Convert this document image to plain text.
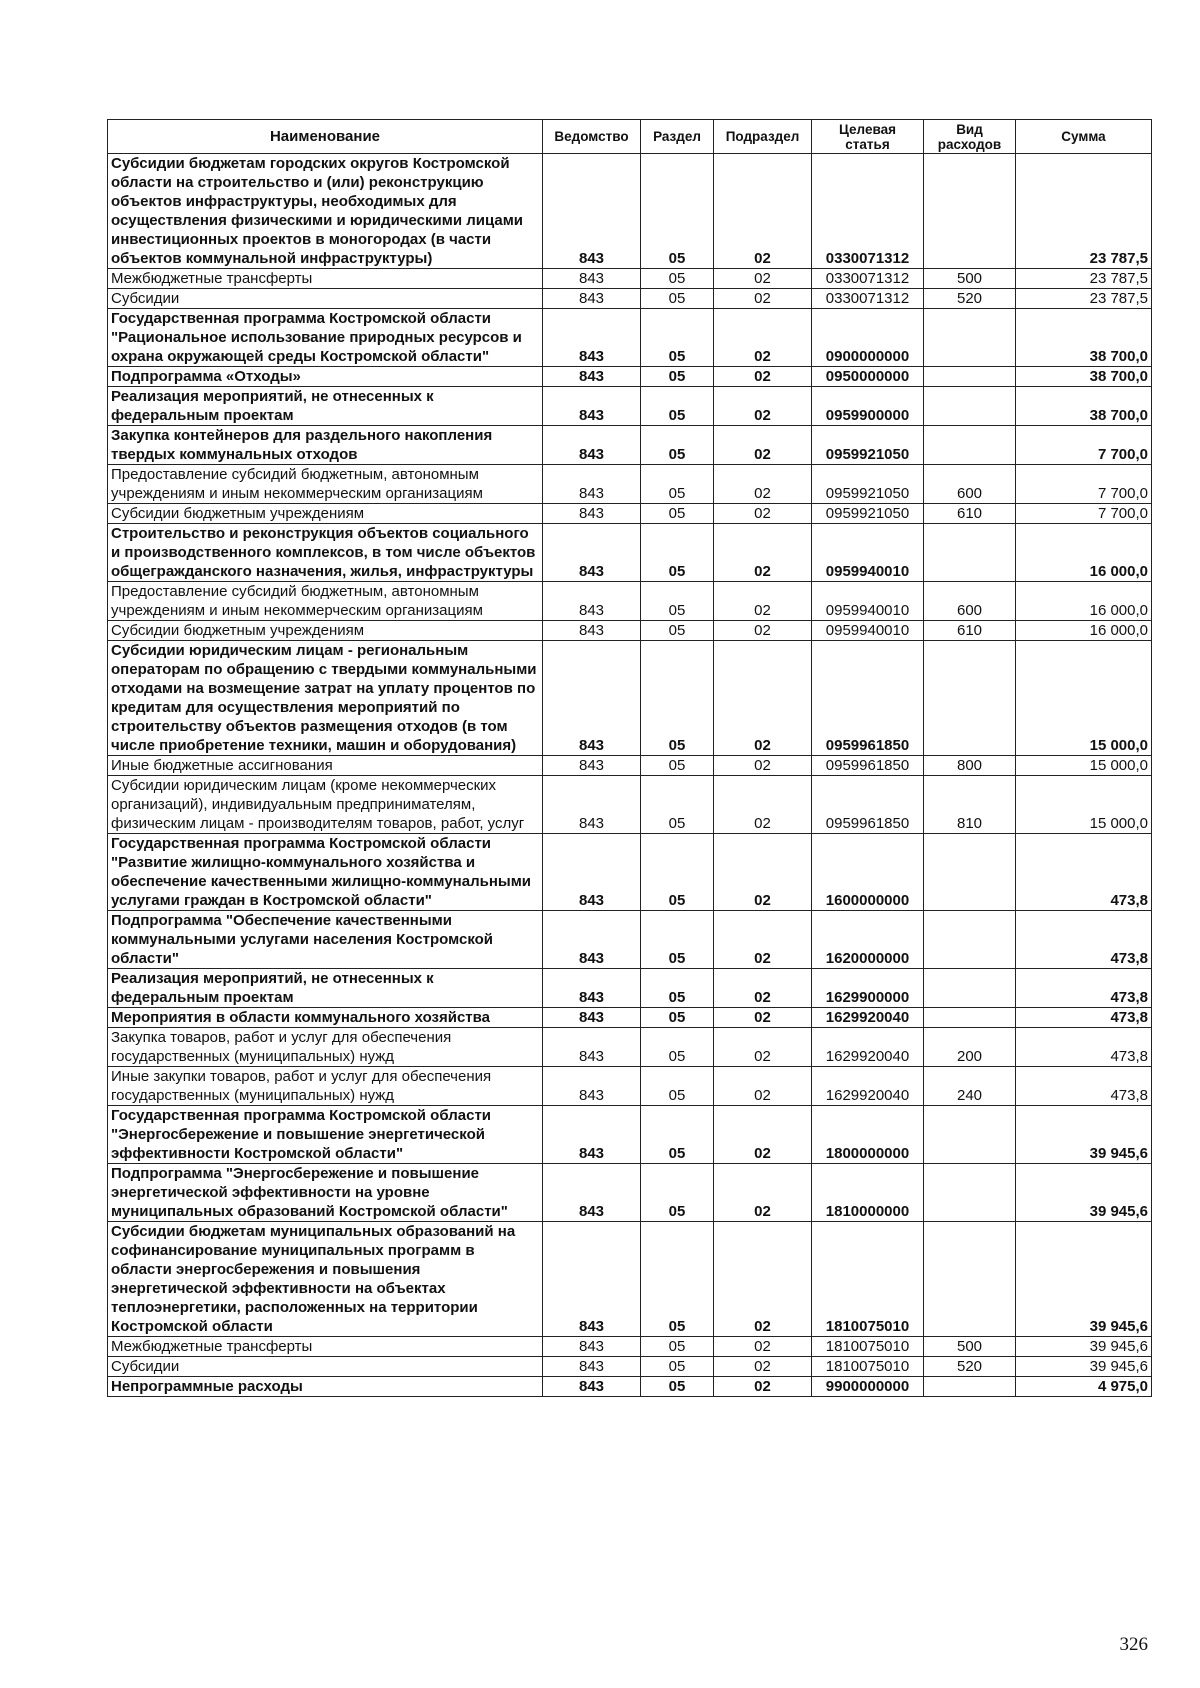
Наименование	Ведомство	Раздел	Подраздел	Целевая статья	Вид расходов	Сумма
Субсидии бюджетам городских округов Костромской области на строительство и (или) реконструкцию объектов инфраструктуры, необходимых для осуществления физическими и юридическими лицами инвестиционных проектов в моногородах (в части объектов коммунальной инфраструктуры)	843	05	02	0330071312		23 787,5
Межбюджетные трансферты	843	05	02	0330071312	500	23 787,5
Субсидии	843	05	02	0330071312	520	23 787,5
Государственная программа Костромской области "Рациональное использование природных ресурсов и охрана окружающей среды Костромской области"	843	05	02	0900000000		38 700,0
Подпрограмма «Отходы»	843	05	02	0950000000		38 700,0
Реализация мероприятий, не отнесенных к федеральным проектам	843	05	02	0959900000		38 700,0
Закупка контейнеров для раздельного накопления твердых коммунальных отходов	843	05	02	0959921050		7 700,0
Предоставление субсидий бюджетным, автономным учреждениям и иным некоммерческим организациям	843	05	02	0959921050	600	7 700,0
Субсидии бюджетным учреждениям	843	05	02	0959921050	610	7 700,0
Строительство и реконструкция объектов социального и производственного комплексов, в том числе объектов общегражданского назначения, жилья, инфраструктуры	843	05	02	0959940010		16 000,0
Предоставление субсидий бюджетным, автономным учреждениям и иным некоммерческим организациям	843	05	02	0959940010	600	16 000,0
Субсидии бюджетным учреждениям	843	05	02	0959940010	610	16 000,0
Субсидии юридическим лицам - региональным операторам по обращению с твердыми коммунальными отходами на возмещение затрат на уплату процентов по кредитам для осуществления мероприятий по строительству объектов размещения отходов (в том числе приобретение техники, машин и оборудования)	843	05	02	0959961850		15 000,0
Иные бюджетные ассигнования	843	05	02	0959961850	800	15 000,0
Субсидии юридическим лицам (кроме некоммерческих организаций), индивидуальным предпринимателям, физическим лицам - производителям товаров, работ, услуг	843	05	02	0959961850	810	15 000,0
Государственная программа Костромской области "Развитие жилищно-коммунального хозяйства и обеспечение качественными жилищно-коммунальными услугами граждан в Костромской области"	843	05	02	1600000000		473,8
Подпрограмма "Обеспечение качественными коммунальными услугами населения Костромской области"	843	05	02	1620000000		473,8
Реализация мероприятий, не отнесенных к федеральным проектам	843	05	02	1629900000		473,8
Мероприятия в области коммунального хозяйства	843	05	02	1629920040		473,8
Закупка товаров, работ и услуг для обеспечения государственных (муниципальных) нужд	843	05	02	1629920040	200	473,8
Иные закупки товаров, работ и услуг для обеспечения государственных (муниципальных) нужд	843	05	02	1629920040	240	473,8
Государственная программа Костромской области "Энергосбережение и повышение энергетической эффективности Костромской области"	843	05	02	1800000000		39 945,6
Подпрограмма "Энергосбережение и повышение энергетической эффективности на уровне муниципальных образований Костромской области"	843	05	02	1810000000		39 945,6
Субсидии бюджетам муниципальных образований на софинансирование муниципальных программ в области энергосбережения и повышения энергетической эффективности на объектах теплоэнергетики, расположенных на территории Костромской области	843	05	02	1810075010		39 945,6
Межбюджетные трансферты	843	05	02	1810075010	500	39 945,6
Субсидии	843	05	02	1810075010	520	39 945,6
Непрограммные расходы	843	05	02	9900000000		4 975,0
326
